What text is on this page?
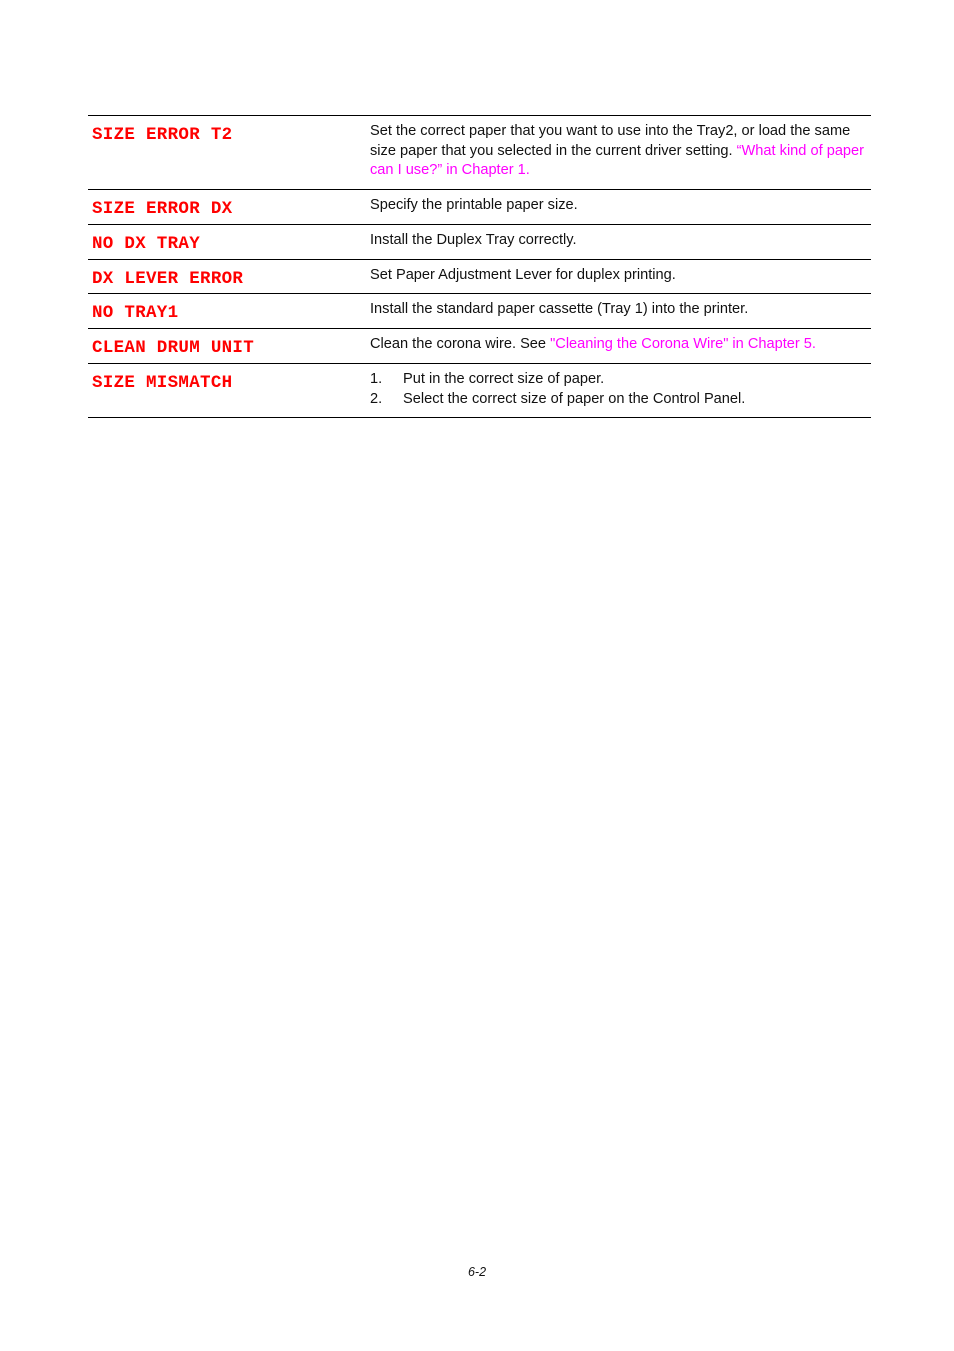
SIZE ERROR T2	Set the correct paper that you want to use into the Tray2, or load the same size paper that you selected in the current driver setting. “What kind of paper can I use?” in Chapter 1.
SIZE ERROR DX	Specify the printable paper size.
NO DX TRAY	Install the Duplex Tray correctly.
DX LEVER ERROR	Set Paper Adjustment Lever for duplex printing.
NO TRAY1	Install the standard paper cassette (Tray 1) into the printer.
CLEAN DRUM UNIT	Clean the corona wire. See "Cleaning the Corona Wire" in Chapter 5.
SIZE MISMATCH	1.	Put in the correct size of paper.
2.	Select the correct size of paper on the Control Panel.
6-2
